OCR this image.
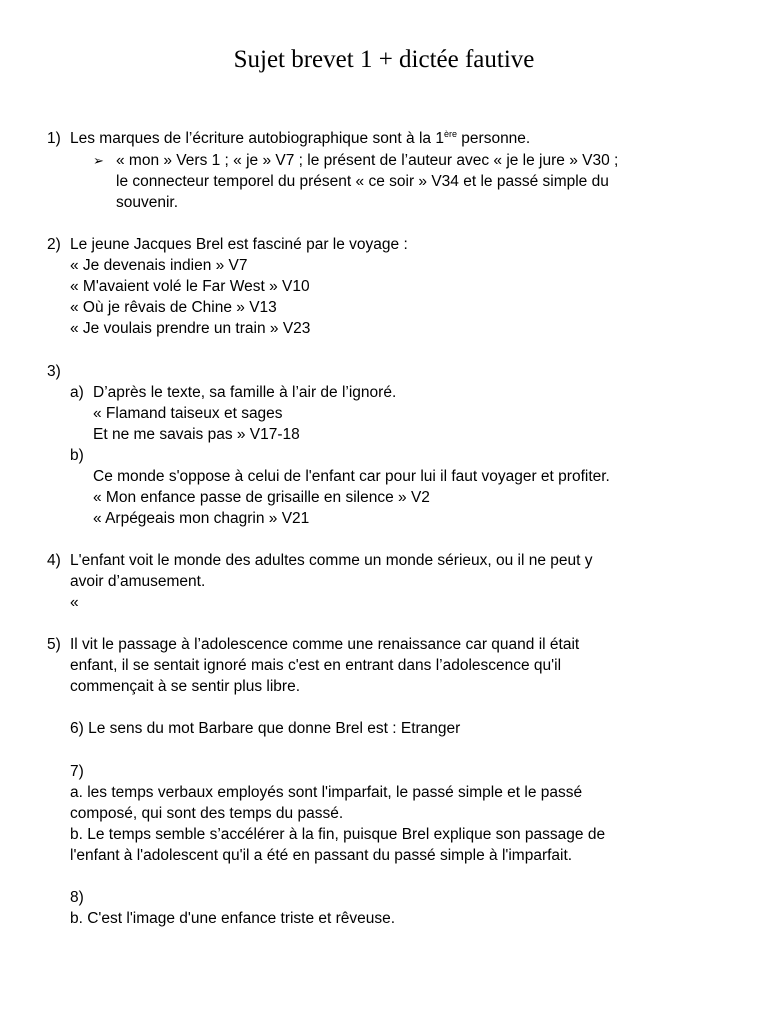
Sujet brevet 1 + dictée fautive
1) Les marques de l’écriture autobiographique sont à la 1ère personne.
➢ « mon » Vers 1 ; « je » V7 ; le présent de l’auteur avec « je le jure » V30 ;
le connecteur temporel du présent « ce soir » V34 et le passé simple du
souvenir.
2) Le jeune Jacques Brel est fasciné par le voyage :
« Je devenais indien » V7
« M'avaient volé le Far West » V10
« Où je rêvais de Chine » V13
« Je voulais prendre un train » V23
3)
a) D’après le texte, sa famille à l’air de l’ignoré.
« Flamand taiseux et sages
Et ne me savais pas » V17-18
b)
Ce monde s'oppose à celui de l'enfant car pour lui il faut voyager et profiter.
« Mon enfance passe de grisaille en silence » V2
« Arpégeais mon chagrin » V21
4) L'enfant voit le monde des adultes comme un monde sérieux, ou il ne peut y
avoir d’amusement.
«
5) Il vit le passage à l’adolescence comme une renaissance car quand il était
enfant, il se sentait ignoré mais c'est en entrant dans l’adolescence qu'il
commençait à se sentir plus libre.
6) Le sens du mot Barbare que donne Brel est : Etranger
7)
a. les temps verbaux employés sont l'imparfait, le passé simple et le passé
composé, qui sont des temps du passé.
b. Le temps semble s’accélérer à la fin, puisque Brel explique son passage de
l'enfant à l'adolescent qu'il a été en passant du passé simple à l'imparfait.
8)
b. C'est l'image d'une enfance triste et rêveuse.
